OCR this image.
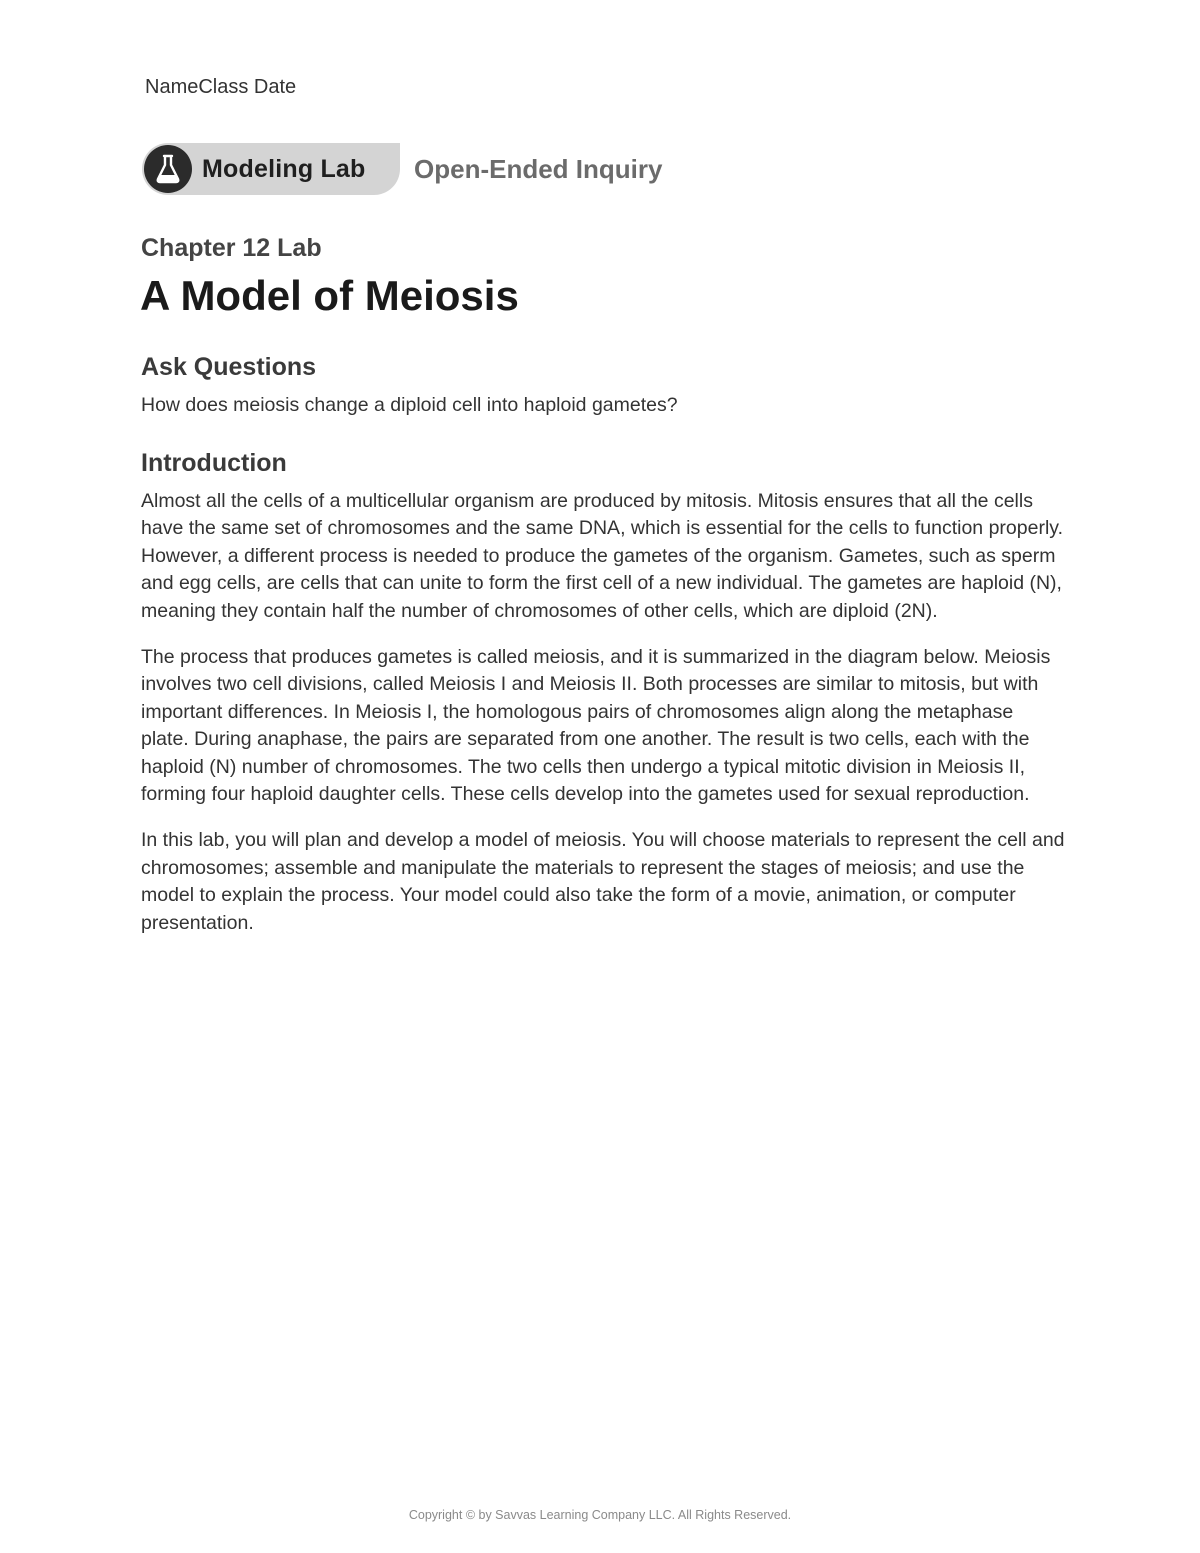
NameClass Date
Modeling Lab Open-Ended Inquiry
Chapter 12 Lab
A Model of Meiosis
Ask Questions

How does meiosis change a diploid cell into haploid gametes?

Introduction

Almost all the cells of a multicellular organism are produced by mitosis. Mitosis ensures that all the cells have the same set of chromosomes and the same DNA, which is essential for the cells to function properly. However, a different process is needed to produce the gametes of the organism. Gametes, such as sperm and egg cells, are cells that can unite to form the first cell of a new individual. The gametes are haploid (N), meaning they contain half the number of chromosomes of other cells, which are diploid (2N).

The process that produces gametes is called meiosis, and it is summarized in the diagram below. Meiosis involves two cell divisions, called Meiosis I and Meiosis II. Both processes are similar to mitosis, but with important differences. In Meiosis I, the homologous pairs of chromosomes align along the metaphase plate. During anaphase, the pairs are separated from one another. The result is two cells, each with the haploid (N) number of chromosomes. The two cells then undergo a typical mitotic division in Meiosis II, forming four haploid daughter cells. These cells develop into the gametes used for sexual reproduction.

In this lab, you will plan and develop a model of meiosis. You will choose materials to represent the cell and chromosomes; assemble and manipulate the materials to represent the stages of meiosis; and use the model to explain the process. Your model could also take the form of a movie, animation, or computer presentation.

Copyright © by Savvas Learning Company LLC. All Rights Reserved.
